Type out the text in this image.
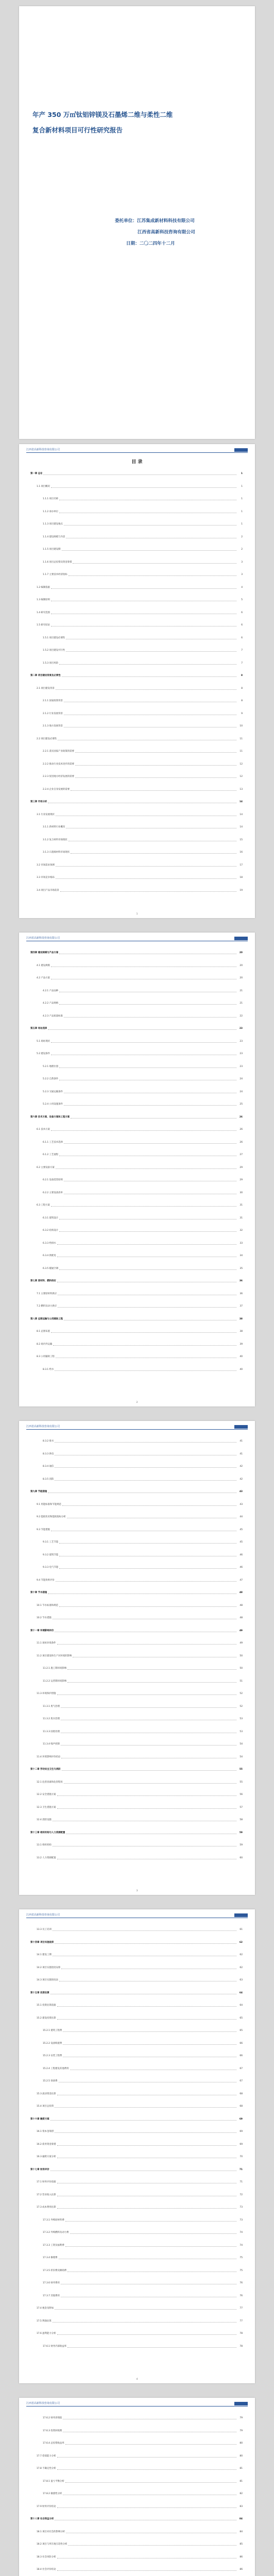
年产 350 万㎡钛铝锌镁及石墨烯二维与柔性二维
复合新材料项目可行性研究报告
委托单位：江苏集成新材料科技有限公司
江西省高新科技咨询有限公司
日期：二〇二四年十二月
江西省高新科技咨询有限公司
目 录
第一章 总论	1
1.1 项目概况	1
1.1.1 项目名称	1
1.1.2 承办单位	1
1.1.3 项目建设地点	1
1.1.4 建设规模与内容	2
1.1.5 项目建设期	2
1.1.6 项目总投资及资金筹措	3
1.1.7 主要技术经济指标	3
1.2 编制依据	4
1.3 编制原则	5
1.4 研究范围	6
1.5 研究结论	6
1.5.1 项目建设必要性	6
1.5.2 项目建设可行性	7
1.5.3 项目风险	7
第二章 项目建设背景及必要性	8
2.1 项目建设背景	8
2.1.1 国家政策背景	8
2.1.2 行业发展背景	9
2.1.3 地方发展背景	10
2.2 项目建设必要性	11
2.2.1 落实国家产业政策的需要	11
2.2.2 推动行业技术进步的需要	12
2.2.3 促进地方经济发展的需要	12
2.2.4 企业自身发展的需要	13
第三章 市场分析	14
3.1 行业发展现状	14
3.1.1 新材料行业概况	14
3.1.2 复合材料市场现状	15
3.1.3 石墨烯材料市场现状	16
3.2 市场需求预测	17
3.3 市场竞争格局	18
3.4 项目产品市场前景	19
1
江西省高新科技咨询有限公司
第四章 建设规模与产品方案	20
4.1 建设规模	20
4.2 产品方案	20
4.2.1 产品品种	21
4.2.2 产品规格	21
4.2.3 产品质量标准	22
第五章 场址选择	23
5.1 场址现状	23
5.2 建设条件	23
5.2.1 地理位置	23
5.2.2 自然条件	24
5.2.3 交通运输条件	24
5.2.4 公用设施条件	25
第六章 技术方案、设备方案和工程方案	26
6.1 技术方案	26
6.1.1 工艺技术选择	26
6.1.2 工艺流程	27
6.2 主要设备方案	29
6.2.1 设备选型原则	29
6.2.2 主要设备清单	30
6.3 工程方案	31
6.3.1 建筑设计	31
6.3.2 结构设计	32
6.3.3 给排水	33
6.3.4 供配电	34
6.3.5 暖通空调	35
第七章 原材料、燃料供应	36
7.1 主要原材料供应	36
7.2 燃料及动力供应	37
第八章 总图运输与公用辅助工程	38
8.1 总图布置	38
8.2 场内外运输	39
8.3 公用辅助工程	40
8.3.1 给水	40
2
江西省高新科技咨询有限公司
8.3.2 排水	41
8.3.3 供电	41
8.3.4 通信	42
8.3.5 消防	42
第九章 节能措施	43
9.1 用能标准和节能规范	43
9.2 能耗状况和能耗指标分析	44
9.3 节能措施	45
9.3.1 工艺节能	45
9.3.2 建筑节能	46
9.3.3 电气节能	46
9.4 节能效果评价	47
第十章 节水措施	48
10.1 节水标准和规范	48
10.2 节水措施	48
第十一章 环境影响评价	49
11.1 场址环境条件	49
11.2 项目建设和生产对环境的影响	50
11.2.1 施工期环境影响	50
11.2.2 运营期环境影响	51
11.3 环境保护措施	52
11.3.1 废气治理	52
11.3.2 废水治理	53
11.3.3 固废处理	53
11.3.4 噪声控制	54
11.4 环境影响评价结论	54
第十二章 劳动安全卫生与消防	55
12.1 危害因素和危害程度	55
12.2 安全措施方案	56
12.3 卫生措施方案	57
12.4 消防设施	58
第十三章 组织机构与人力资源配置	59
13.1 组织机构	59
13.2 人力资源配置	60
3
江西省高新科技咨询有限公司
13.3 员工培训	61
第十四章 项目实施进度	62
14.1 建设工期	62
14.2 项目实施进度安排	62
14.3 项目实施进度表	63
第十五章 投资估算	64
15.1 投资估算依据	64
15.2 建设投资估算	65
15.2.1 建筑工程费	65
15.2.2 设备购置费	66
15.2.3 安装工程费	66
15.2.4 工程建设其他费用	67
15.2.5 预备费	67
15.3 流动资金估算	68
15.4 项目总投资	68
第十六章 融资方案	69
16.1 资本金筹措	69
16.2 债务资金筹措	69
16.3 融资方案分析	70
第十七章 财务评价	71
17.1 财务评价依据	71
17.2 营业收入估算	72
17.3 成本费用估算	73
17.3.1 外购原材料费	73
17.3.2 外购燃料及动力费	74
17.3.3 工资及福利费	74
17.3.4 修理费	75
17.3.5 折旧费及摊销费	75
17.3.6 财务费用	76
17.3.7 其他费用	76
17.4 税金及附加	77
17.5 利润估算	77
17.6 盈利能力分析	78
17.6.1 财务内部收益率	78
4
江西省高新科技咨询有限公司
17.6.2 财务净现值	79
17.6.3 投资回收期	79
17.6.4 总投资收益率	80
17.7 偿债能力分析	80
17.8 不确定性分析	81
17.8.1 盈亏平衡分析	81
17.8.2 敏感性分析	82
17.9 财务评价结论	83
第十八章 社会效益分析	84
18.1 项目对社会的影响分析	84
18.2 项目与所在地互适性分析	85
18.3 社会风险分析	86
18.4 社会评价结论	86
